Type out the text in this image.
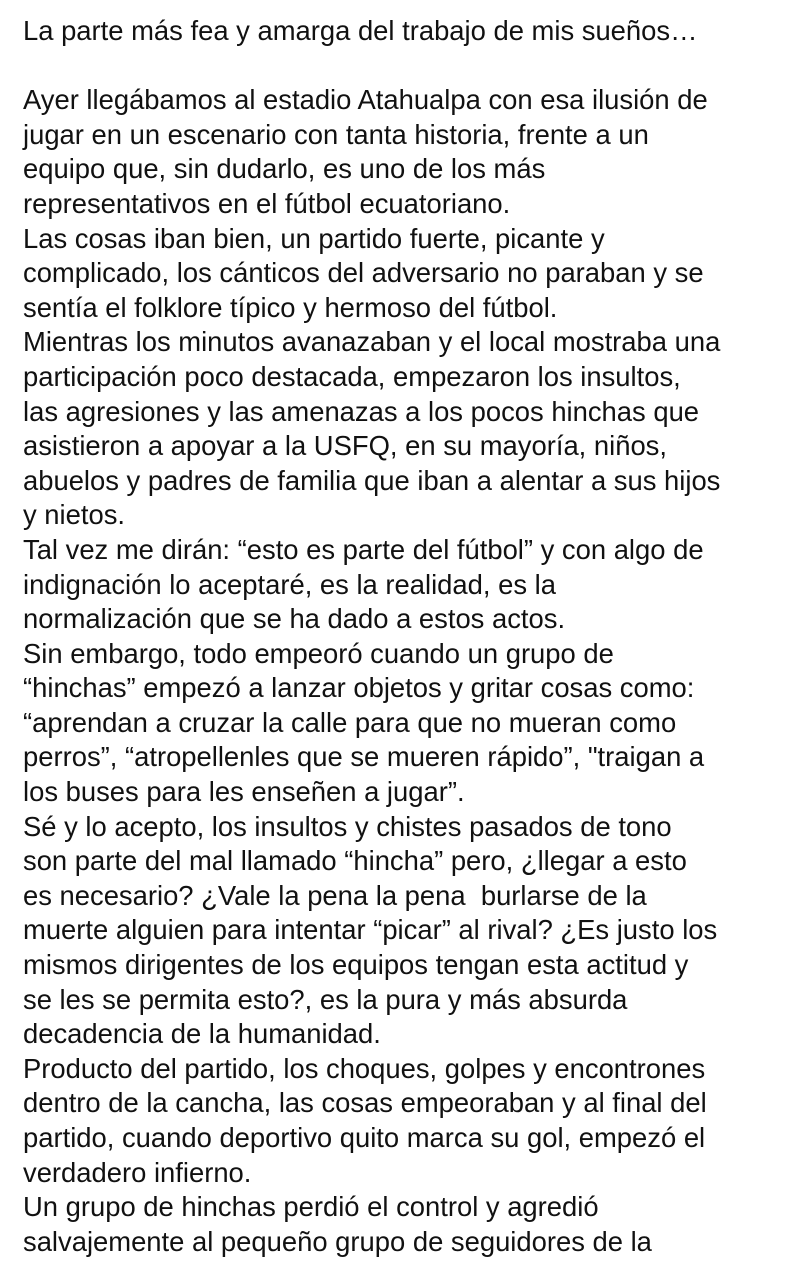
La parte más fea y amarga del trabajo de mis sueños…
Ayer llegábamos al estadio Atahualpa con esa ilusión de
jugar en un escenario con tanta historia, frente a un
equipo que, sin dudarlo, es uno de los más
representativos en el fútbol ecuatoriano.
Las cosas iban bien, un partido fuerte, picante y
complicado, los cánticos del adversario no paraban y se
sentía el folklore típico y hermoso del fútbol.
Mientras los minutos avanazaban y el local mostraba una
participación poco destacada, empezaron los insultos,
las agresiones y las amenazas a los pocos hinchas que
asistieron a apoyar a la USFQ, en su mayoría, niños,
abuelos y padres de familia que iban a alentar a sus hijos
y nietos.
Tal vez me dirán: “esto es parte del fútbol” y con algo de
indignación lo aceptaré, es la realidad, es la
normalización que se ha dado a estos actos.
Sin embargo, todo empeoró cuando un grupo de
“hinchas” empezó a lanzar objetos y gritar cosas como:
“aprendan a cruzar la calle para que no mueran como
perros”, “atropellenles que se mueren rápido”, "traigan a
los buses para les enseñen a jugar”.
Sé y lo acepto, los insultos y chistes pasados de tono
son parte del mal llamado “hincha” pero, ¿llegar a esto
es necesario? ¿Vale la pena la pena  burlarse de la
muerte alguien para intentar “picar” al rival? ¿Es justo los
mismos dirigentes de los equipos tengan esta actitud y
se les se permita esto?, es la pura y más absurda
decadencia de la humanidad.
Producto del partido, los choques, golpes y encontrones
dentro de la cancha, las cosas empeoraban y al final del
partido, cuando deportivo quito marca su gol, empezó el
verdadero infierno.
Un grupo de hinchas perdió el control y agredió
salvajemente al pequeño grupo de seguidores de la
